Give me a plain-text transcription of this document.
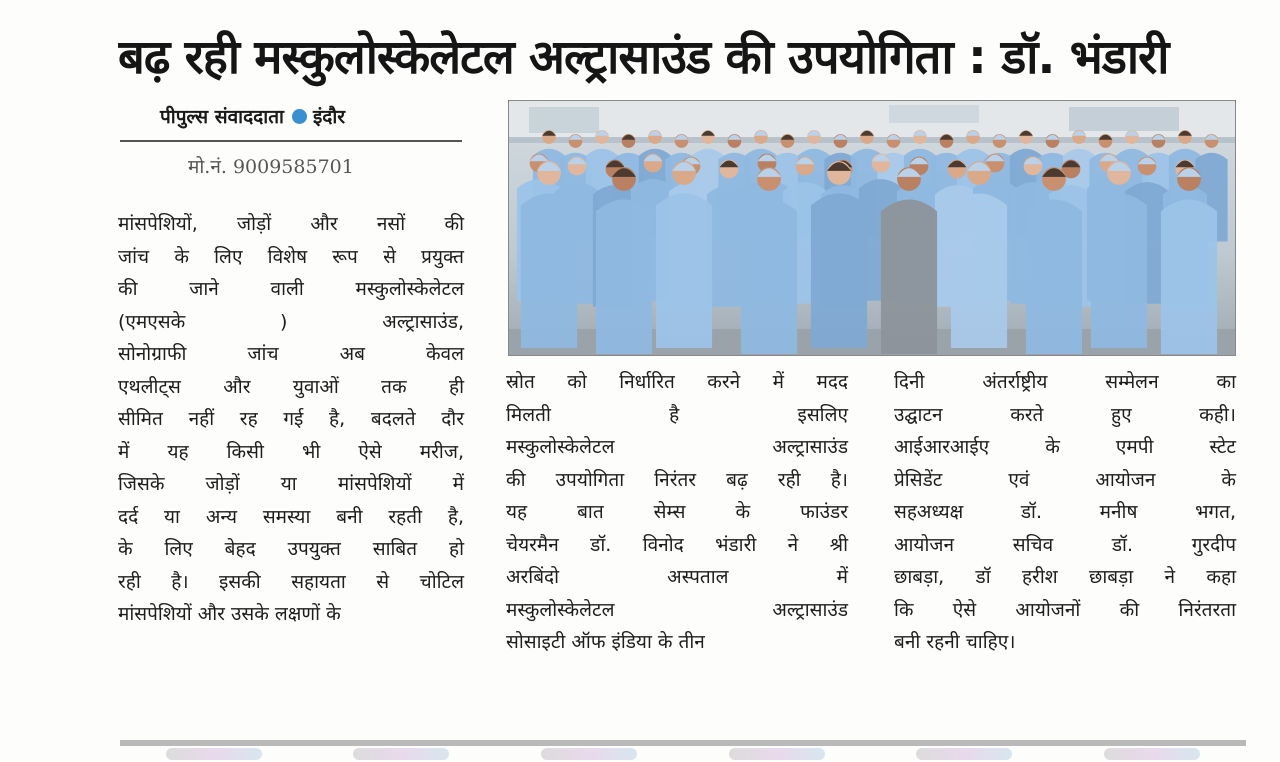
बढ़ रही मस्कुलोस्केलेटल अल्ट्रासाउंड की उपयोगिता : डॉ. भंडारी
पीपुल्स संवाददाता इंदौर
मो.नं. 9009585701

मांसपेशियों, जोड़ों और नसों की

जांच के लिए विशेष रूप से प्रयुक्त

की जाने वाली मस्कुलोस्केलेटल

(एमएसके ) अल्ट्रासाउंड,

सोनोग्राफी जांच अब केवल

एथलीट्स और युवाओं तक ही

सीमित नहीं रह गई है, बदलते दौर

में यह किसी भी ऐसे मरीज,

जिसके जोड़ों या मांसपेशियों में

दर्द या अन्य समस्या बनी रहती है,

के लिए बेहद उपयुक्त साबित हो

रही है। इसकी सहायता से चोटिल

मांसपेशियों और उसके लक्षणों के

स्रोत को निर्धारित करने में मदद

मिलती है इसलिए

मस्कुलोस्केलेटल अल्ट्रासाउंड

की उपयोगिता निरंतर बढ़ रही है।

यह बात सेम्स के फाउंडर

चेयरमैन डॉ. विनोद भंडारी ने श्री

अरबिंदो अस्पताल में

मस्कुलोस्केलेटल अल्ट्रासाउंड

सोसाइटी ऑफ इंडिया के तीन

दिनी अंतर्राष्ट्रीय सम्मेलन का

उद्घाटन करते हुए कही।

आईआरआईए के एमपी स्टेट

प्रेसिडेंट एवं आयोजन के

सहअध्यक्ष डॉ. मनीष भगत,

आयोजन सचिव डॉ. गुरदीप

छाबड़ा, डॉ हरीश छाबड़ा ने कहा

कि ऐसे आयोजनों की निरंतरता

बनी रहनी चाहिए।
